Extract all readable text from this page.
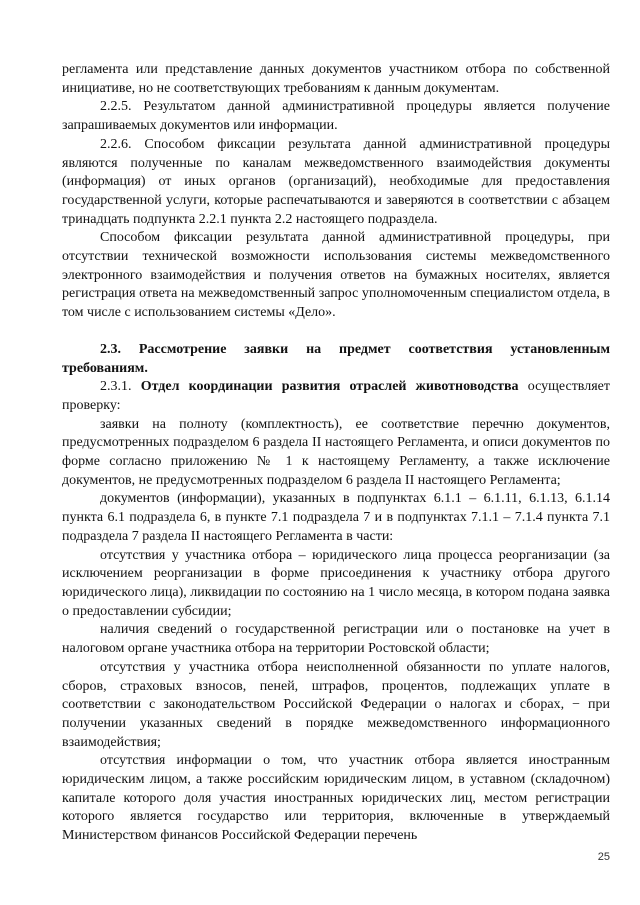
регламента или представление данных документов участником отбора по собственной инициативе, но не соответствующих требованиям к данным документам.

2.2.5. Результатом данной административной процедуры является получение запрашиваемых документов или информации.

2.2.6. Способом фиксации результата данной административной процедуры являются полученные по каналам межведомственного взаимодействия документы (информация) от иных органов (организаций), необходимые для предоставления государственной услуги, которые распечатываются и заверяются в соответствии с абзацем тринадцать подпункта 2.2.1 пункта 2.2 настоящего подраздела.

Способом фиксации результата данной административной процедуры, при отсутствии технической возможности использования системы межведомственного электронного взаимодействия и получения ответов на бумажных носителях, является регистрация ответа на межведомственный запрос уполномоченным специалистом отдела, в том числе с использованием системы «Дело».

2.3. Рассмотрение заявки на предмет соответствия установленным требованиям.

2.3.1. Отдел координации развития отраслей животноводства осуществляет проверку:

заявки на полноту (комплектность), ее соответствие перечню документов, предусмотренных подразделом 6 раздела II настоящего Регламента, и описи документов по форме согласно приложению № 1 к настоящему Регламенту, а также исключение документов, не предусмотренных подразделом 6 раздела II настоящего Регламента;

документов (информации), указанных в подпунктах 6.1.1 – 6.1.11, 6.1.13, 6.1.14 пункта 6.1 подраздела 6, в пункте 7.1 подраздела 7 и в подпунктах 7.1.1 – 7.1.4 пункта 7.1 подраздела 7 раздела II настоящего Регламента в части:

отсутствия у участника отбора – юридического лица процесса реорганизации (за исключением реорганизации в форме присоединения к участнику отбора другого юридического лица), ликвидации по состоянию на 1 число месяца, в котором подана заявка о предоставлении субсидии;

наличия сведений о государственной регистрации или о постановке на учет в налоговом органе участника отбора на территории Ростовской области;

отсутствия у участника отбора неисполненной обязанности по уплате налогов, сборов, страховых взносов, пеней, штрафов, процентов, подлежащих уплате в соответствии с законодательством Российской Федерации о налогах и сборах, − при получении указанных сведений в порядке межведомственного информационного взаимодействия;

отсутствия информации о том, что участник отбора является иностранным юридическим лицом, а также российским юридическим лицом, в уставном (складочном) капитале которого доля участия иностранных юридических лиц, местом регистрации которого является государство или территория, включенные в утверждаемый Министерством финансов Российской Федерации перечень

25
